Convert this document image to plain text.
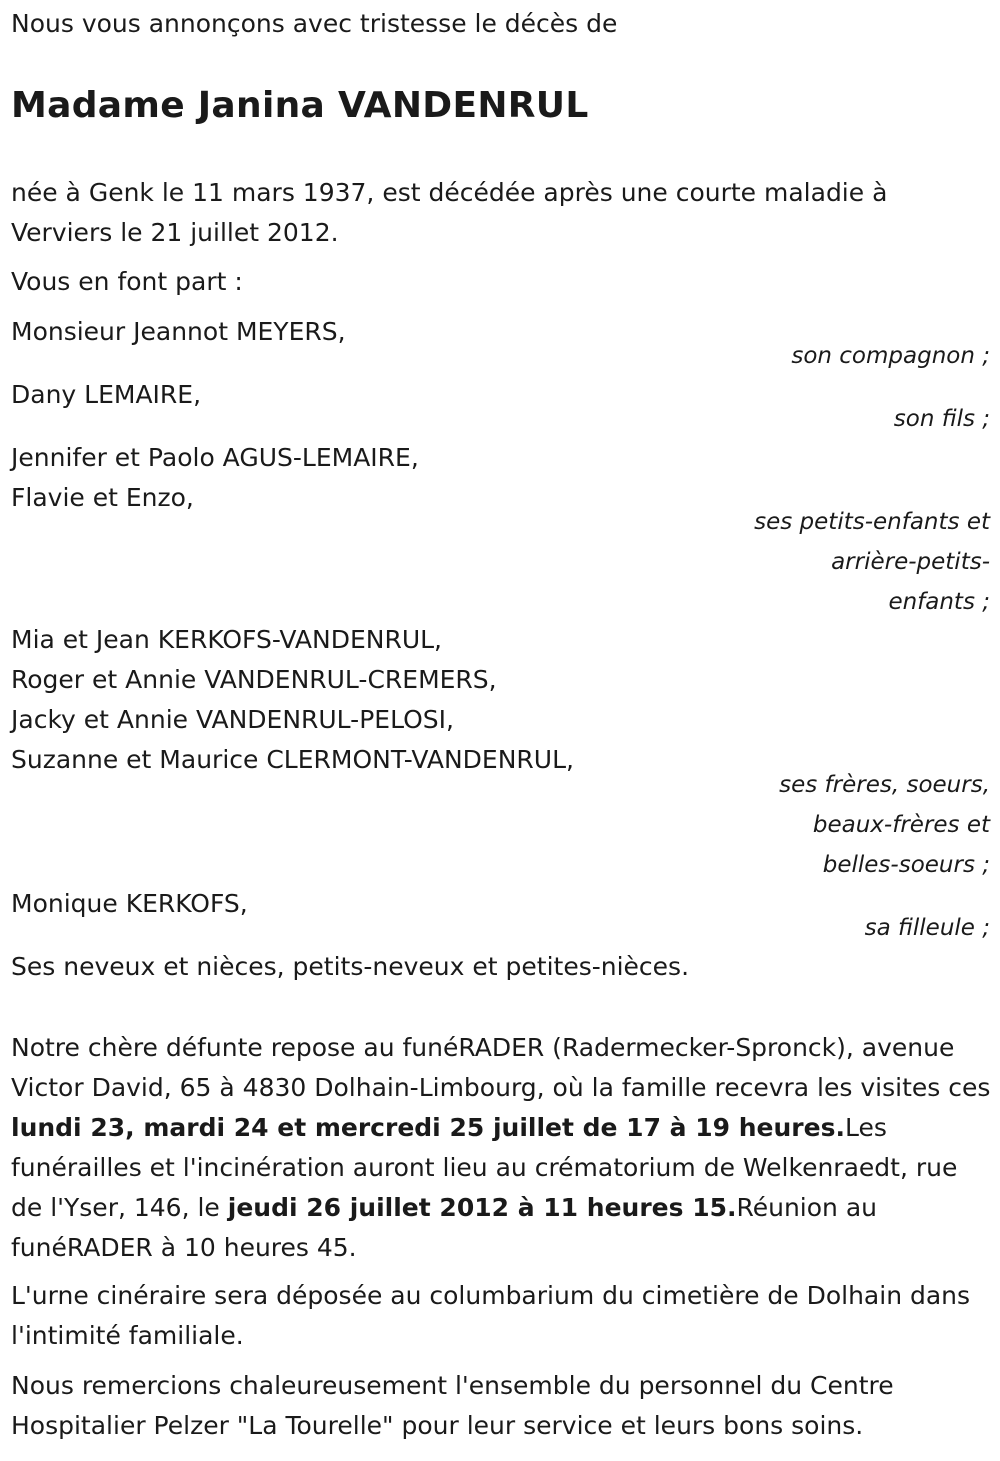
Nous vous annonçons avec tristesse le décès de

Madame Janina VANDENRUL

née à Genk le 11 mars 1937, est décédée après une courte maladie à Verviers le 21 juillet 2012.

Vous en font part :

Monsieur Jeannot MEYERS,

son compagnon ;

Dany LEMAIRE,

son fils ;

Jennifer et Paolo AGUS-LEMAIRE,
Flavie et Enzo,

ses petits-enfants et arrière-petits-enfants ;

Mia et Jean KERKOFS-VANDENRUL,
Roger et Annie VANDENRUL-CREMERS,
Jacky et Annie VANDENRUL-PELOSI,
Suzanne et Maurice CLERMONT-VANDENRUL,

ses frères, soeurs, beaux-frères et belles-soeurs ;

Monique KERKOFS,

sa filleule ;

Ses neveux et nièces, petits-neveux et petites-nièces.

Notre chère défunte repose au funéRADER (Radermecker-Spronck), avenue Victor David, 65 à 4830 Dolhain-Limbourg, où la famille recevra les visites ces lundi 23, mardi 24 et mercredi 25 juillet de 17 à 19 heures.Les funérailles et l'incinération auront lieu au crématorium de Welkenraedt, rue de l'Yser, 146, le jeudi 26 juillet 2012 à 11 heures 15.Réunion au funéRADER à 10 heures 45.

L'urne cinéraire sera déposée au columbarium du cimetière de Dolhain dans l'intimité familiale.

Nous remercions chaleureusement l'ensemble du personnel du Centre Hospitalier Pelzer "La Tourelle" pour leur service et leurs bons soins.
